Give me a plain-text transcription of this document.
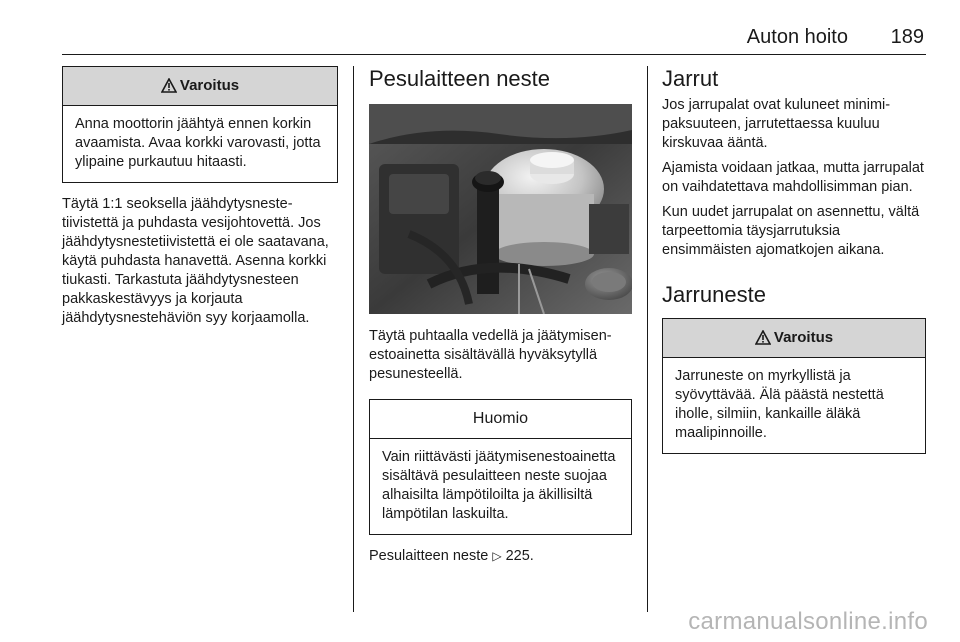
Auton hoito 189
Varoitus
Anna moottorin jäähtyä ennen korkin avaamista. Avaa korkki varovasti, jotta ylipaine purkautuu hitaasti.

Täytä 1:1 seoksella jäähdytysnestetiivistettä ja puhdasta vesijohtovettä. Jos jäähdytysnestetiivistettä ei ole saatavana, käytä puhdasta hanavettä. Asenna korkki tiukasti. Tarkastuta jäähdytysnesteen pakkaskestävyys ja korjauta jäähdytysnestehäviön syy korjaamolla.

Pesulaitteen neste

Täytä puhtaalla vedellä ja jäätymisenestoainetta sisältävällä hyväksytyllä pesunesteellä.

Huomio
Vain riittävästi jäätymisenestoainetta sisältävä pesulaitteen neste suojaa alhaisilta lämpötiloilta ja äkillisiltä lämpötilan laskuilta.

Pesulaitteen neste ▷ 225.

Jarrut

Jos jarrupalat ovat kuluneet minimipaksuuteen, jarrutettaessa kuuluu kirskuvaa ääntä.

Ajamista voidaan jatkaa, mutta jarrupalat on vaihdatettava mahdollisimman pian.

Kun uudet jarrupalat on asennettu, vältä tarpeettomia täysjarrutuksia ensimmäisten ajomatkojen aikana.

Jarruneste
Varoitus
Jarruneste on myrkyllistä ja syövyttävää. Älä päästä nestettä iholle, silmiin, kankaille äläkä maalipinnoille.
carmanualsonline.info
